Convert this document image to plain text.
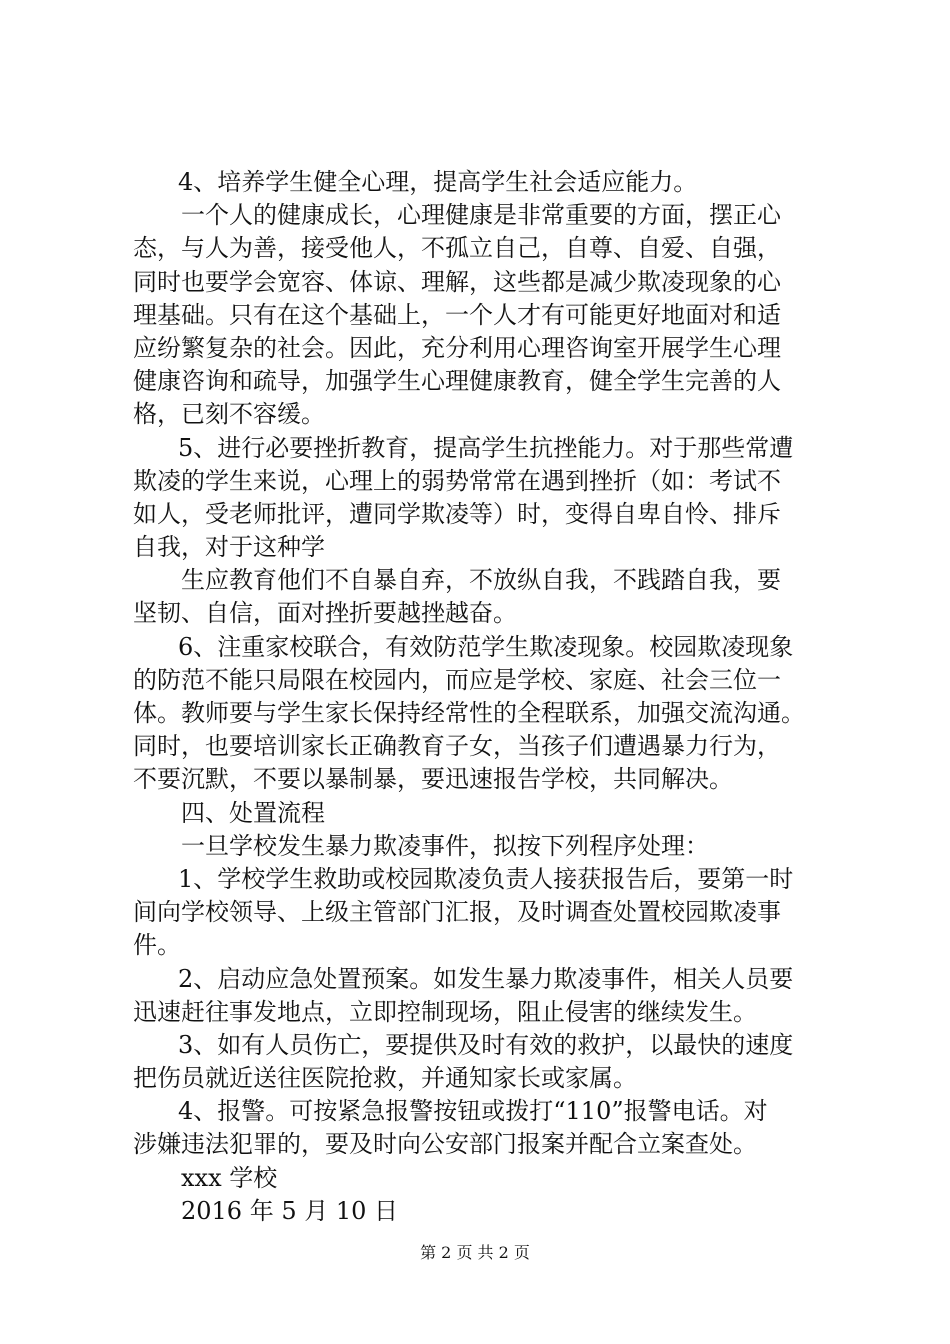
4、培养学生健全心理，提高学生社会适应能力。
一个人的健康成长，心理健康是非常重要的方面，摆正心
态，与人为善，接受他人，不孤立自己，自尊、自爱、自强，
同时也要学会宽容、体谅、理解，这些都是减少欺凌现象的心
理基础。只有在这个基础上，一个人才有可能更好地面对和适
应纷繁复杂的社会。因此，充分利用心理咨询室开展学生心理
健康咨询和疏导，加强学生心理健康教育，健全学生完善的人
格，已刻不容缓。
5、进行必要挫折教育，提高学生抗挫能力。对于那些常遭
欺凌的学生来说，心理上的弱势常常在遇到挫折（如：考试不
如人，受老师批评，遭同学欺凌等）时，变得自卑自怜、排斥
自我，对于这种学
生应教育他们不自暴自弃，不放纵自我，不践踏自我，要
坚韧、自信，面对挫折要越挫越奋。
6、注重家校联合，有效防范学生欺凌现象。校园欺凌现象
的防范不能只局限在校园内，而应是学校、家庭、社会三位一
体。教师要与学生家长保持经常性的全程联系，加强交流沟通。
同时，也要培训家长正确教育子女，当孩子们遭遇暴力行为，
不要沉默，不要以暴制暴，要迅速报告学校，共同解决。
四、处置流程
一旦学校发生暴力欺凌事件，拟按下列程序处理：
1、学校学生救助或校园欺凌负责人接获报告后，要第一时
间向学校领导、上级主管部门汇报，及时调查处置校园欺凌事
件。
2、启动应急处置预案。如发生暴力欺凌事件，相关人员要
迅速赶往事发地点，立即控制现场，阻止侵害的继续发生。
3、如有人员伤亡，要提供及时有效的救护，以最快的速度
把伤员就近送往医院抢救，并通知家长或家属。
4、报警。可按紧急报警按钮或拨打“110”报警电话。对
涉嫌违法犯罪的，要及时向公安部门报案并配合立案查处。
xxx 学校
2016 年 5 月 10 日
第 2 页 共 2 页
